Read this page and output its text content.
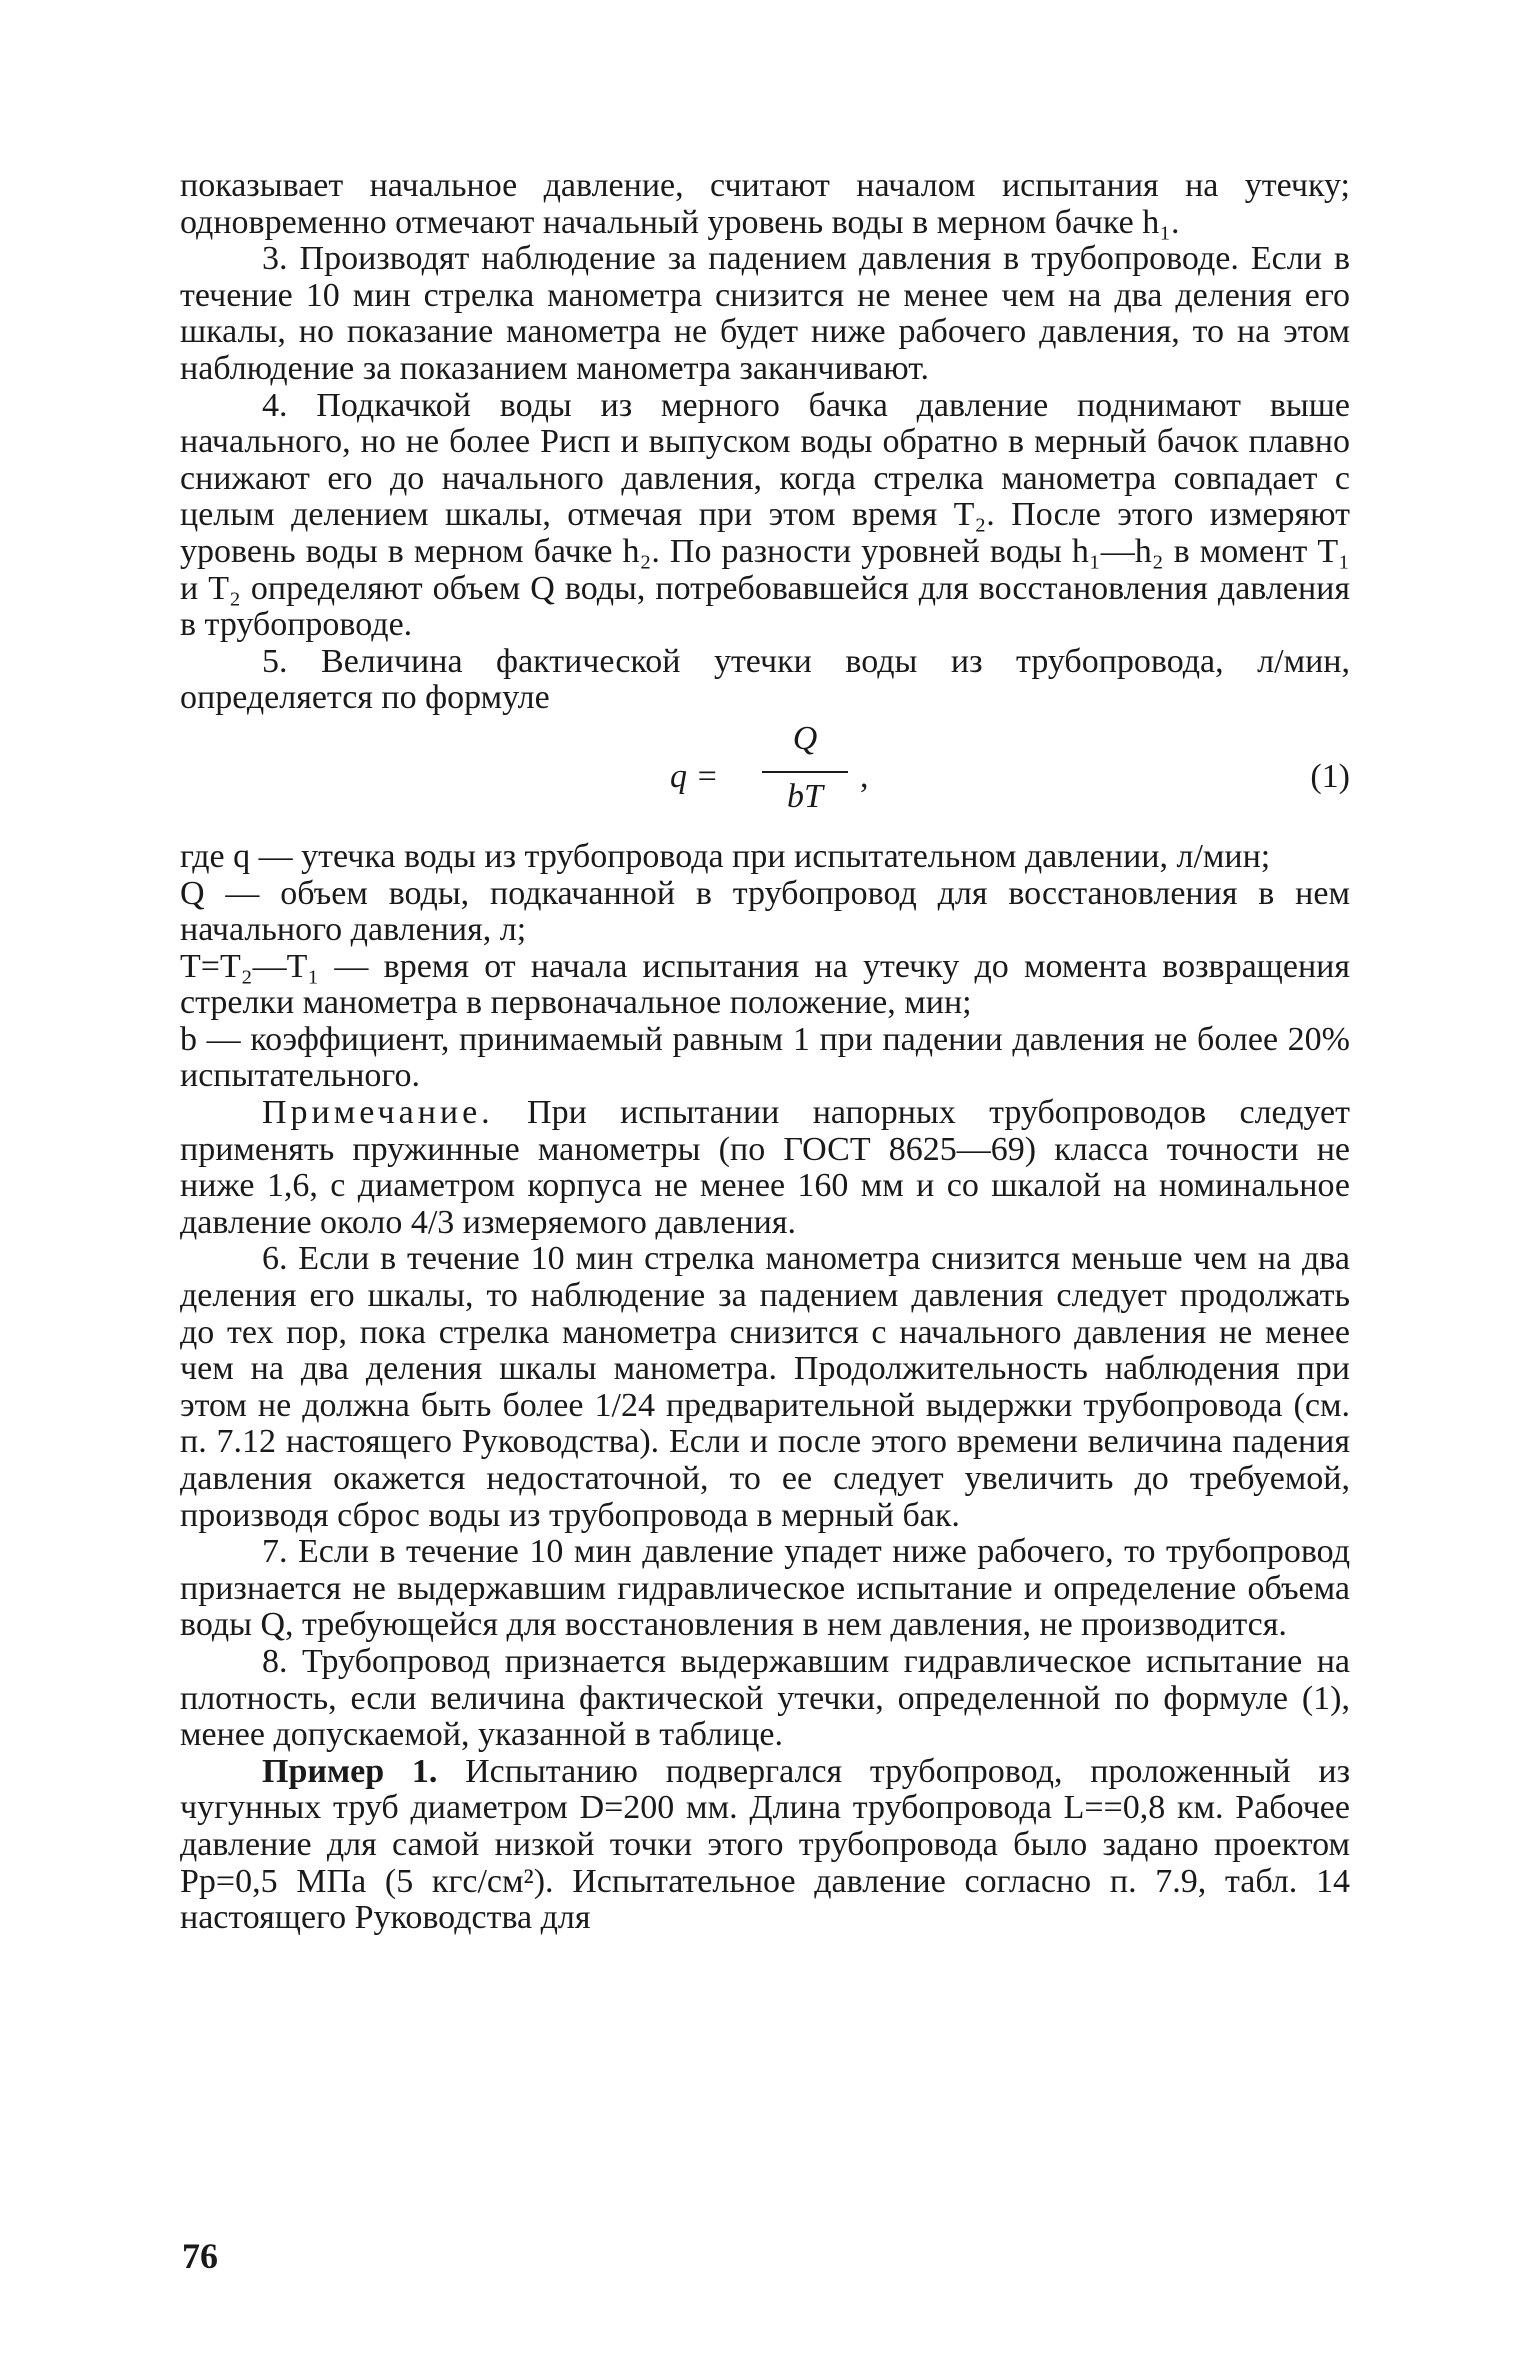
показывает начальное давление, считают началом испытания на утечку; одновременно отмечают начальный уровень воды в мерном бачке h₁.

3. Производят наблюдение за падением давления в трубопроводе. Если в течение 10 мин стрелка манометра снизится не менее чем на два деления его шкалы, но показание манометра не будет ниже рабочего давления, то на этом наблюдение за показанием манометра заканчивают.

4. Подкачкой воды из мерного бачка давление поднимают выше начального, но не более Pисп и выпуском воды обратно в мерный бачок плавно снижают его до начального давления, когда стрелка манометра совпадает с целым делением шкалы, отмечая при этом время T₂. После этого измеряют уровень воды в мерном бачке h₂. По разности уровней воды h₁—h₂ в момент T₁ и T₂ определяют объем Q воды, потребовавшейся для восстановления давления в трубопроводе.

5. Величина фактической утечки воды из трубопровода, л/мин, определяется по формуле

q =
Q
bT
,	(1)

где q — утечка воды из трубопровода при испытательном давлении, л/мин;

Q — объем воды, подкачанной в трубопровод для восстановления в нем начального давления, л;

T=T₂—T₁ — время от начала испытания на утечку до момента возвращения стрелки манометра в первоначальное положение, мин;

b — коэффициент, принимаемый равным 1 при падении давления не более 20% испытательного.

Примечание. При испытании напорных трубопроводов следует применять пружинные манометры (по ГОСТ 8625—69) класса точности не ниже 1,6, с диаметром корпуса не менее 160 мм и со шкалой на номинальное давление около 4/3 измеряемого давления.

6. Если в течение 10 мин стрелка манометра снизится меньше чем на два деления его шкалы, то наблюдение за падением давления следует продолжать до тех пор, пока стрелка манометра снизится с начального давления не менее чем на два деления шкалы манометра. Продолжительность наблюдения при этом не должна быть более 1/24 предварительной выдержки трубопровода (см. п. 7.12 настоящего Руководства). Если и после этого времени величина падения давления окажется недостаточной, то ее следует увеличить до требуемой, производя сброс воды из трубопровода в мерный бак.

7. Если в течение 10 мин давление упадет ниже рабочего, то трубопровод признается не выдержавшим гидравлическое испытание и определение объема воды Q, требующейся для восстановления в нем давления, не производится.

8. Трубопровод признается выдержавшим гидравлическое испытание на плотность, если величина фактической утечки, определенной по формуле (1), менее допускаемой, указанной в таблице.

Пример 1. Испытанию подвергался трубопровод, проложенный из чугунных труб диаметром D=200 мм. Длина трубопровода L==0,8 км. Рабочее давление для самой низкой точки этого трубопровода было задано проектом Pр=0,5 МПа (5 кгс/см²). Испытательное давление согласно п. 7.9, табл. 14 настоящего Руководства для

76
